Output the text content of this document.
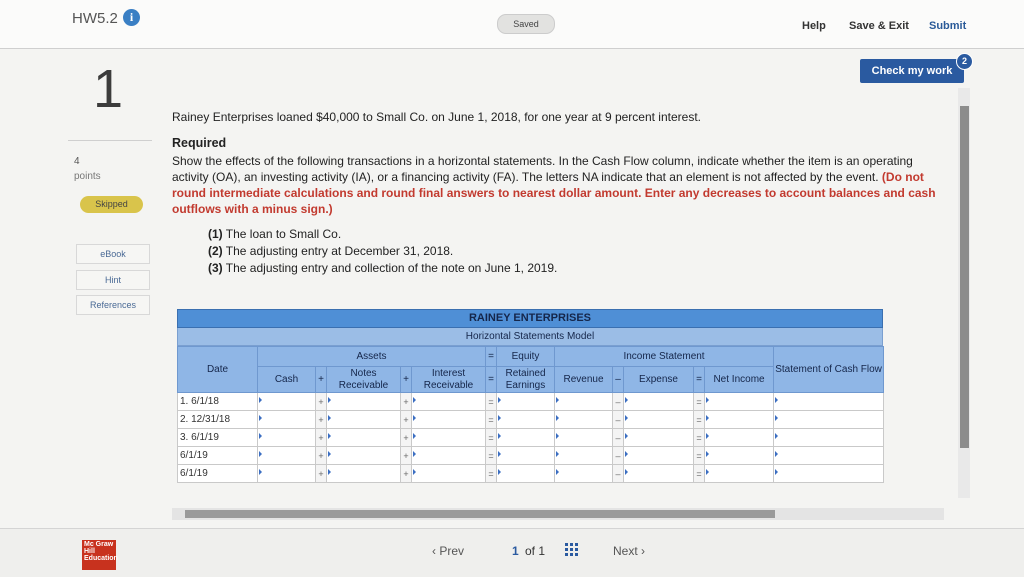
HW5.2 i	Saved	Help Save & Exit Submit
Check my work
2
1
4
points
Skipped
eBook
Hint
References
Rainey Enterprises loaned $40,000 to Small Co. on June 1, 2018, for one year at 9 percent interest.
Required
Show the effects of the following transactions in a horizontal statements. In the Cash Flow column, indicate whether the item is an operating activity (OA), an investing activity (IA), or a financing activity (FA). The letters NA indicate that an element is not affected by the event. (Do not round intermediate calculations and round final answers to nearest dollar amount. Enter any decreases to account balances and cash outflows with a minus sign.)
(1) The loan to Small Co.
(2) The adjusting entry at December 31, 2018.
(3) The adjusting entry and collection of the note on June 1, 2019.
RAINEY ENTERPRISES
Horizontal Statements Model
Date	Assets					=	Equity	Income Statement					Statement of Cash Flow
	Cash	+	Notes Receivable	+	Interest Receivable	=	Retained Earnings	Revenue	–	Expense	=	Net Income	
1. 6/1/18		+		+		=			–		=		
2. 12/31/18		+		+		=			–		=		
3. 6/1/19		+		+		=			–		=		
6/1/19		+		+		=			–		=		
6/1/19		+		+		=			–		=		
Mc Graw Hill Education
‹ Prev	1 of 1	Next ›
